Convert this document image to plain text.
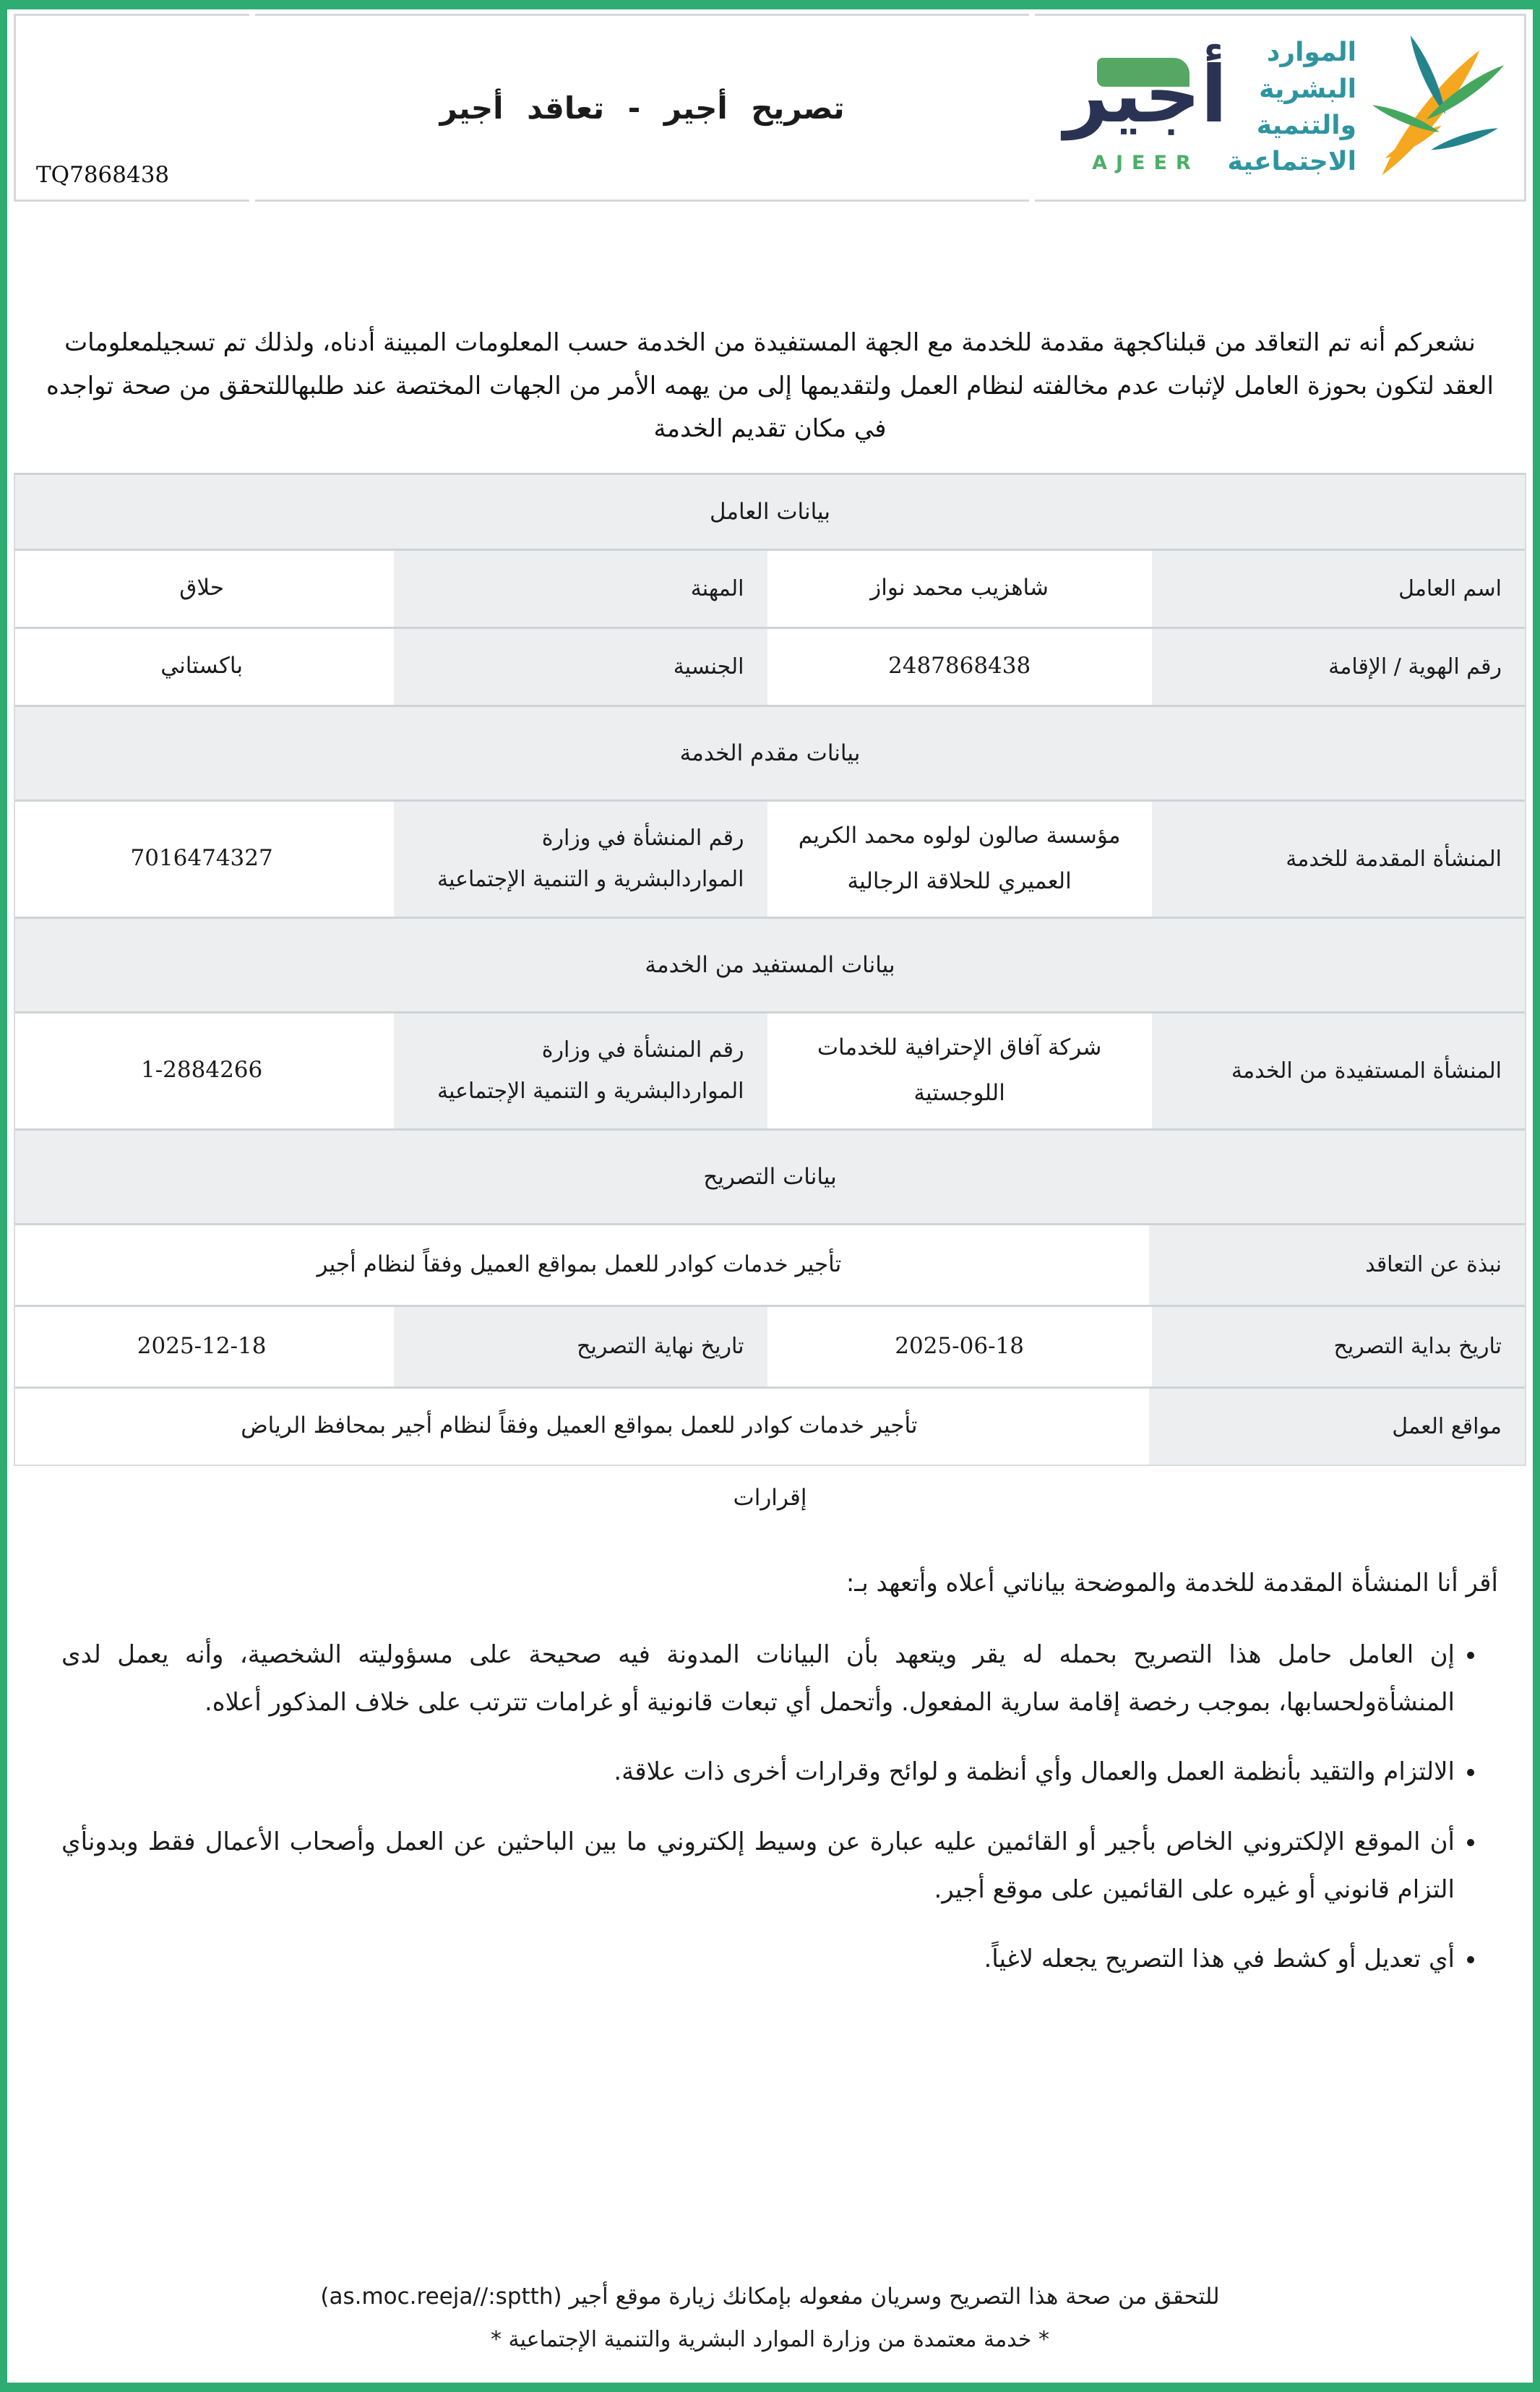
TQ7868438
تصريح أجير - تعاقد أجير	أجير
AJEER
الموارد البشرية
والتنمية الاجتماعية

نشعركم أنه تم التعاقد من قبلناكجهة مقدمة للخدمة مع الجهة المستفيدة من الخدمة حسب المعلومات المبينة أدناه، ولذلك تم تسجيلمعلومات العقد لتكون بحوزة العامل لإثبات عدم مخالفته لنظام العمل ولتقديمها إلى من يهمه الأمر من الجهات المختصة عند طلبهاللتحقق من صحة تواجده في مكان تقديم الخدمة

بيانات العامل
اسم العامل
شاهزيب محمد نواز
المهنة
حلاق
رقم الهوية / الإقامة
2487868438
الجنسية
باكستاني
بيانات مقدم الخدمة
المنشأة المقدمة للخدمة
مؤسسة صالون لولوه محمد الكريم العميري للحلاقة الرجالية
رقم المنشأة في وزارة المواردالبشرية و التنمية الإجتماعية
7016474327
بيانات المستفيد من الخدمة
المنشأة المستفيدة من الخدمة
شركة آفاق الإحترافية للخدمات اللوجستية
رقم المنشأة في وزارة المواردالبشرية و التنمية الإجتماعية
1-2884266
بيانات التصريح
نبذة عن التعاقد
تأجير خدمات كوادر للعمل بمواقع العميل وفقاً لنظام أجير
تاريخ بداية التصريح
2025-06-18
تاريخ نهاية التصريح
2025-12-18
مواقع العمل
تأجير خدمات كوادر للعمل بمواقع العميل وفقاً لنظام أجير بمحافظ الرياض
إقرارات
أقر أنا المنشأة المقدمة للخدمة والموضحة بياناتي أعلاه وأتعهد بـ:
• إن العامل حامل هذا التصريح بحمله له يقر ويتعهد بأن البيانات المدونة فيه صحيحة على مسؤوليته الشخصية، وأنه يعمل لدى المنشأةولحسابها، بموجب رخصة إقامة سارية المفعول. وأتحمل أي تبعات قانونية أو غرامات تترتب على خلاف المذكور أعلاه.
• الالتزام والتقيد بأنظمة العمل والعمال وأي أنظمة و لوائح وقرارات أخرى ذات علاقة.
• أن الموقع الإلكتروني الخاص بأجير أو القائمين عليه عبارة عن وسيط إلكتروني ما بين الباحثين عن العمل وأصحاب الأعمال فقط وبدونأي التزام قانوني أو غيره على القائمين على موقع أجير.
• أي تعديل أو كشط في هذا التصريح يجعله لاغياً.
للتحقق من صحة هذا التصريح وسريان مفعوله بإمكانك زيارة موقع أجير (as.moc.reeja//:sptth)
* خدمة معتمدة من وزارة الموارد البشرية والتنمية الإجتماعية *
